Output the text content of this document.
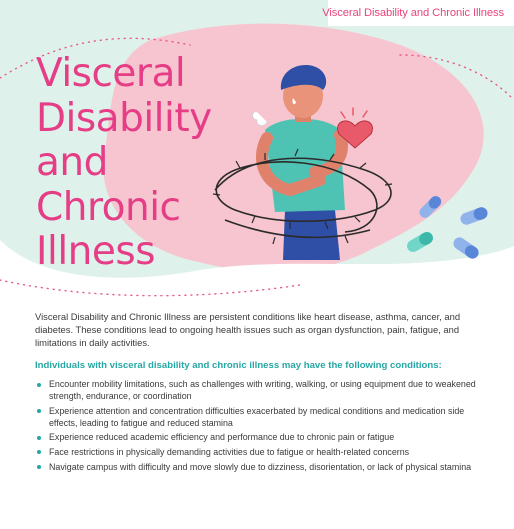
Visceral Disability and Chronic Illness
Visceral
Disability
and
Chronic
Illness

Visceral Disability and Chronic Illness are persistent conditions like heart disease, asthma, cancer, and diabetes. These conditions lead to ongoing health issues such as organ dysfunction, pain, fatigue, and limitations in daily activities.

Individuals with visceral disability and chronic illness may have the following conditions:
Encounter mobility limitations, such as challenges with writing, walking, or using equipment due to weakened strength, endurance, or coordination
Experience attention and concentration difficulties exacerbated by medical conditions and medication side effects, leading to fatigue and reduced stamina
Experience reduced academic efficiency and performance due to chronic pain or fatigue
Face restrictions in physically demanding activities due to fatigue or health-related concerns
Navigate campus with difficulty and move slowly due to dizziness, disorientation, or lack of physical stamina
